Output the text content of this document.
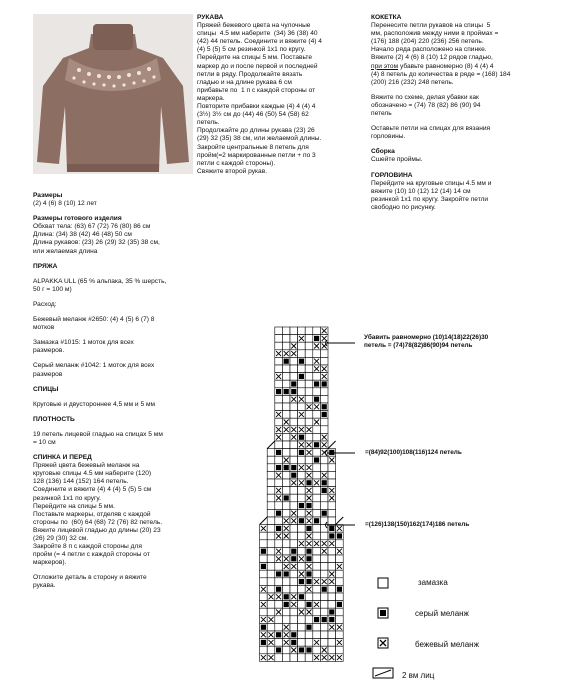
Размеры

(2) 4 (6) 8 (10) 12 лет

Размеры готового изделия

Обхват тела: (63) 67 (72) 76 (80) 86 см

Длина: (34) 38 (42) 46 (48) 50 см

Длина рукавов: (23) 26 (29) 32 (35) 38 см,

или желаемая длина

ПРЯЖА

ALPAKKA ULL (65 % альпака, 35 % шерсть,

50 г = 100 м)

Расход:

Бежевый меланж #2650: (4) 4 (5) 6 (7) 8

мотков

Замазка #1015: 1 моток для всех

размеров.

Серый меланж #1042: 1 моток для всех

размеров

СПИЦЫ

Круговые и двустороннее 4,5 мм и 5 мм

ПЛОТНОСТЬ

19 петель лицевой гладью на спицах 5 мм

= 10 см

СПИНКА И ПЕРЕД

Пряжей цвета бежевый меланж на

круговые спицы 4.5 мм наберите (120)

128 (136) 144 (152) 164 петель.

Соедините и вяжите (4) 4 (4) 5 (5) 5 см

резинкой 1x1 по кругу.

Перейдите на спицы 5 мм.

Поставьте маркеры, отделяв с каждой

стороны по  (60) 64 (68) 72 (76) 82 петель.

Вяжите лицевой гладью до длины (20) 23

(26) 29 (30) 32 см.

Закройте 8 п с каждой стороны для

пройм (= 4 петли с каждой стороны от

маркеров).

Отложите деталь в сторону и вяжите

рукава.

РУКАВА

Пряжей бежевого цвета на чулочные

спицы  4.5 мм наберите  (34) 36 (38) 40

(42) 44 петель. Соедините и вяжите (4) 4

(4) 5 (5) 5 см резинкой 1x1 по кругу.

Перейдите на спицы 5 мм. Поставьте

маркер до и после первой и последней

петли в ряду. Продолжайте вязать

гладью и на длине рукава 6 см

прибавьте по  1 п с каждой стороны от

маркера.

Повторите прибавки каждые (4) 4 (4) 4

(3½) 3½ см до (44) 46 (50) 54 (58) 62

петель.

Продолжайте до длины рукава (23) 26

(29) 32 (35) 38 см, или желаемой длины.

Закройте центральные 8 петель для

пройм(=2 маркированные петли + по 3

петли с каждой стороны).

Свяжите второй рукав.

КОКЕТКА

Перенесите петли рукавов на спицы  5

мм, расположив между ними в проймах =

(176) 188 (204) 220 (236) 256 петель.

Начало ряда расположено на спинке.

Вяжите (2) 4 (6) 8 (10) 12 рядов гладью,

при этом убавьте равномерно (8) 4 (4) 4

(4) 8 петель до количества в ряде = (168) 184

(200) 216 (232) 248 петель.

Вяжите по схеме, делая убавки как

обозначено = (74) 78 (82) 86 (90) 94

петель

Оставьте петли на спицах для вязания

горловины.

Сборка

Сшейте проймы.

ГОРЛОВИНА

Перейдите на круговые спицы 4.5 мм и

вяжите (10) 10 (12) 12 (14) 14 см

резинкой 1x1 по кругу. Закройте петли

свободно по рисунку.

Убавить равномерно (10)14(18)22(26)30
петель = (74)78(82)86(90)94 петель
=(84)92(100)108(116)124 петель
=(126)138(150)162(174)186 петель
замазка
серый меланж
бежевый меланж
2 вм лиц
